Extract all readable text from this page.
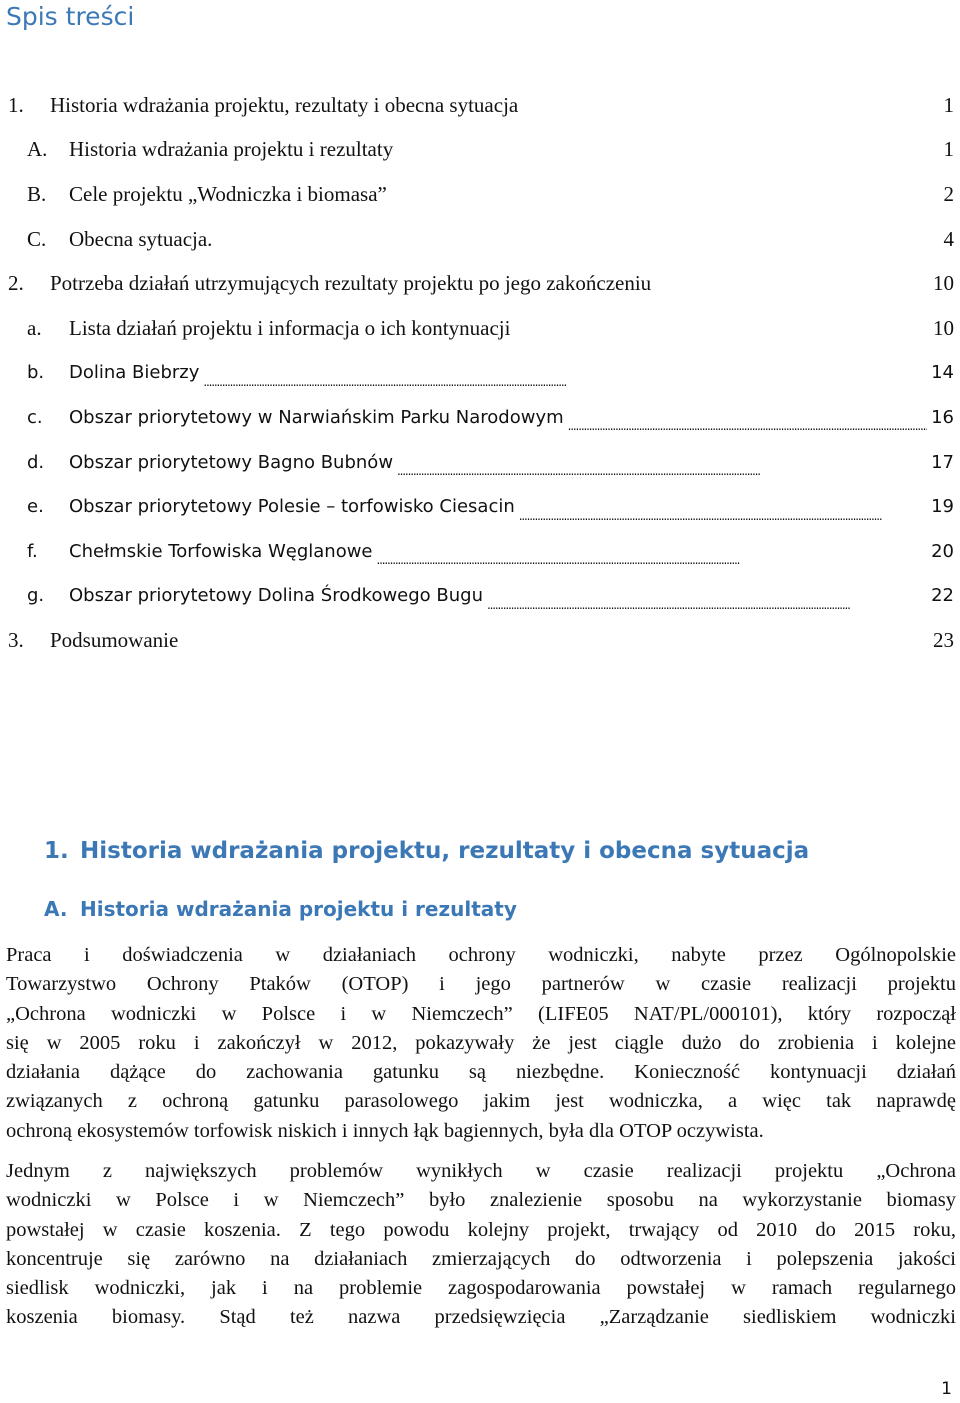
Spis treści
1.	Historia wdrażania projektu, rezultaty i obecna sytuacja . . .	1
A.	Historia wdrażania projektu i rezultaty . . .	1
B.	Cele projektu „Wodniczka i biomasa” . . .	2
C.	Obecna sytuacja. . . .	4
2.	Potrzeba działań utrzymujących rezultaty projektu po jego zakończeniu . . .	10
a.	Lista działań projektu i informacja o ich kontynuacji . . .	10
b.	Dolina Biebrzy . . .	14
c.	Obszar priorytetowy w Narwiańskim Parku Narodowym . . .	16
d.	Obszar priorytetowy Bagno Bubnów . . .	17
e.	Obszar priorytetowy Polesie – torfowisko Ciesacin . . .	19
f.	Chełmskie Torfowiska Węglanowe . . .	20
g.	Obszar priorytetowy Dolina Środkowego Bugu . . .	22
3.	Podsumowanie . . .	23
1. Historia wdrażania projektu, rezultaty i obecna sytuacja
A. Historia wdrażania projektu i rezultaty

Praca i doświadczenia w działaniach ochrony wodniczki, nabyte przez Ogólnopolskie
Towarzystwo Ochrony Ptaków (OTOP) i jego partnerów w czasie realizacji projektu
„Ochrona wodniczki w Polsce i w Niemczech” (LIFE05 NAT/PL/000101), który rozpoczął
się w 2005 roku i zakończył w 2012, pokazywały że jest ciągle dużo do zrobienia i kolejne
działania dążące do zachowania gatunku są niezbędne. Konieczność kontynuacji działań
związanych z ochroną gatunku parasolowego jakim jest wodniczka, a więc tak naprawdę
ochroną ekosystemów torfowisk niskich i innych łąk bagiennych, była dla OTOP oczywista.

Jednym z największych problemów wynikłych w czasie realizacji projektu „Ochrona
wodniczki w Polsce i w Niemczech” było znalezienie sposobu na wykorzystanie biomasy
powstałej w czasie koszenia. Z tego powodu kolejny projekt, trwający od 2010 do 2015 roku,
koncentruje się zarówno na działaniach zmierzających do odtworzenia i polepszenia jakości
siedlisk wodniczki, jak i na problemie zagospodarowania powstałej w ramach regularnego
koszenia biomasy. Stąd też nazwa przedsięwzięcia „Zarządzanie siedliskiem wodniczki

1
